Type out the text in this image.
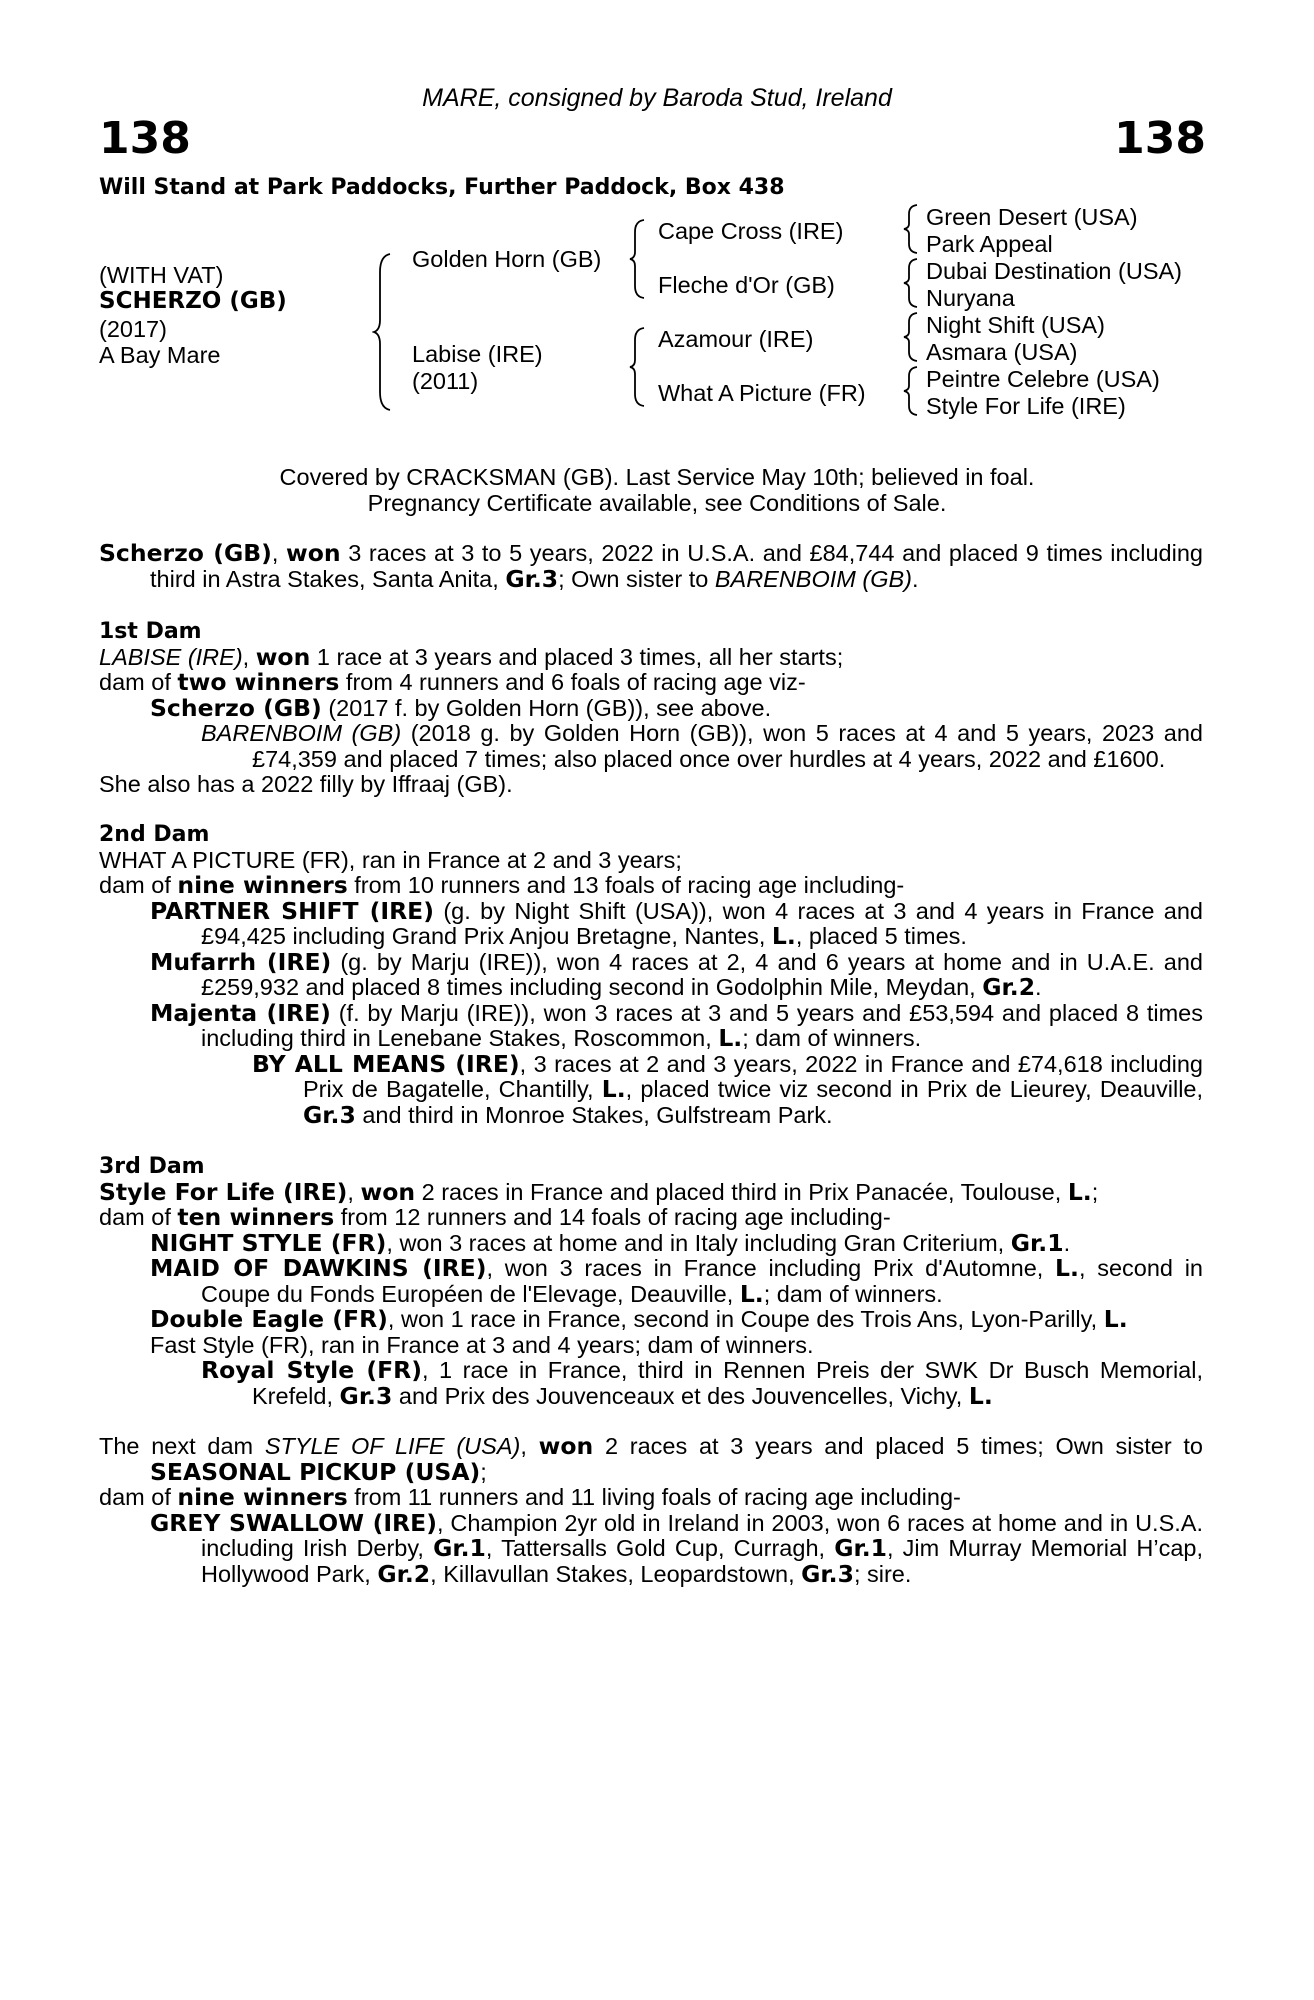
MARE, consigned by Baroda Stud, Ireland
138	138
Will Stand at Park Paddocks, Further Paddock, Box 438
(WITH VAT)
SCHERZO (GB)
(2017)
A Bay Mare
Golden Horn (GB)
Labise (IRE)
(2011)
Cape Cross (IRE)
Fleche d'Or (GB)
Azamour (IRE)
What A Picture (FR)
Green Desert (USA)
Park Appeal
Dubai Destination (USA)
Nuryana
Night Shift (USA)
Asmara (USA)
Peintre Celebre (USA)
Style For Life (IRE)
Covered by CRACKSMAN (GB). Last Service May 10th; believed in foal.
Pregnancy Certificate available, see Conditions of Sale.

Scherzo (GB), won 3 races at 3 to 5 years, 2022 in U.S.A. and £84,744 and placed 9 times including third in Astra Stakes, Santa Anita, Gr.3; Own sister to BARENBOIM (GB).

1st Dam

LABISE (IRE), won 1 race at 3 years and placed 3 times, all her starts;

dam of two winners from 4 runners and 6 foals of racing age viz-

Scherzo (GB) (2017 f. by Golden Horn (GB)), see above.

BARENBOIM (GB) (2018 g. by Golden Horn (GB)), won 5 races at 4 and 5 years, 2023 and £74,359 and placed 7 times; also placed once over hurdles at 4 years, 2022 and £1600.

She also has a 2022 filly by Iffraaj (GB).

2nd Dam

WHAT A PICTURE (FR), ran in France at 2 and 3 years;

dam of nine winners from 10 runners and 13 foals of racing age including-

PARTNER SHIFT (IRE) (g. by Night Shift (USA)), won 4 races at 3 and 4 years in France and £94,425 including Grand Prix Anjou Bretagne, Nantes, L., placed 5 times.

Mufarrh (IRE) (g. by Marju (IRE)), won 4 races at 2, 4 and 6 years at home and in U.A.E. and £259,932 and placed 8 times including second in Godolphin Mile, Meydan, Gr.2.

Majenta (IRE) (f. by Marju (IRE)), won 3 races at 3 and 5 years and £53,594 and placed 8 times including third in Lenebane Stakes, Roscommon, L.; dam of winners.

BY ALL MEANS (IRE), 3 races at 2 and 3 years, 2022 in France and £74,618 including Prix de Bagatelle, Chantilly, L., placed twice viz second in Prix de Lieurey, Deauville, Gr.3 and third in Monroe Stakes, Gulfstream Park.

3rd Dam

Style For Life (IRE), won 2 races in France and placed third in Prix Panacée, Toulouse, L.;

dam of ten winners from 12 runners and 14 foals of racing age including-

NIGHT STYLE (FR), won 3 races at home and in Italy including Gran Criterium, Gr.1.

MAID OF DAWKINS (IRE), won 3 races in France including Prix d'Automne, L., second in Coupe du Fonds Européen de l'Elevage, Deauville, L.; dam of winners.

Double Eagle (FR), won 1 race in France, second in Coupe des Trois Ans, Lyon-Parilly, L.

Fast Style (FR), ran in France at 3 and 4 years; dam of winners.

Royal Style (FR), 1 race in France, third in Rennen Preis der SWK Dr Busch Memorial, Krefeld, Gr.3 and Prix des Jouvenceaux et des Jouvencelles, Vichy, L.

The next dam STYLE OF LIFE (USA), won 2 races at 3 years and placed 5 times; Own sister to SEASONAL PICKUP (USA);

dam of nine winners from 11 runners and 11 living foals of racing age including-

GREY SWALLOW (IRE), Champion 2yr old in Ireland in 2003, won 6 races at home and in U.S.A. including Irish Derby, Gr.1, Tattersalls Gold Cup, Curragh, Gr.1, Jim Murray Memorial H’cap, Hollywood Park, Gr.2, Killavullan Stakes, Leopardstown, Gr.3; sire.
